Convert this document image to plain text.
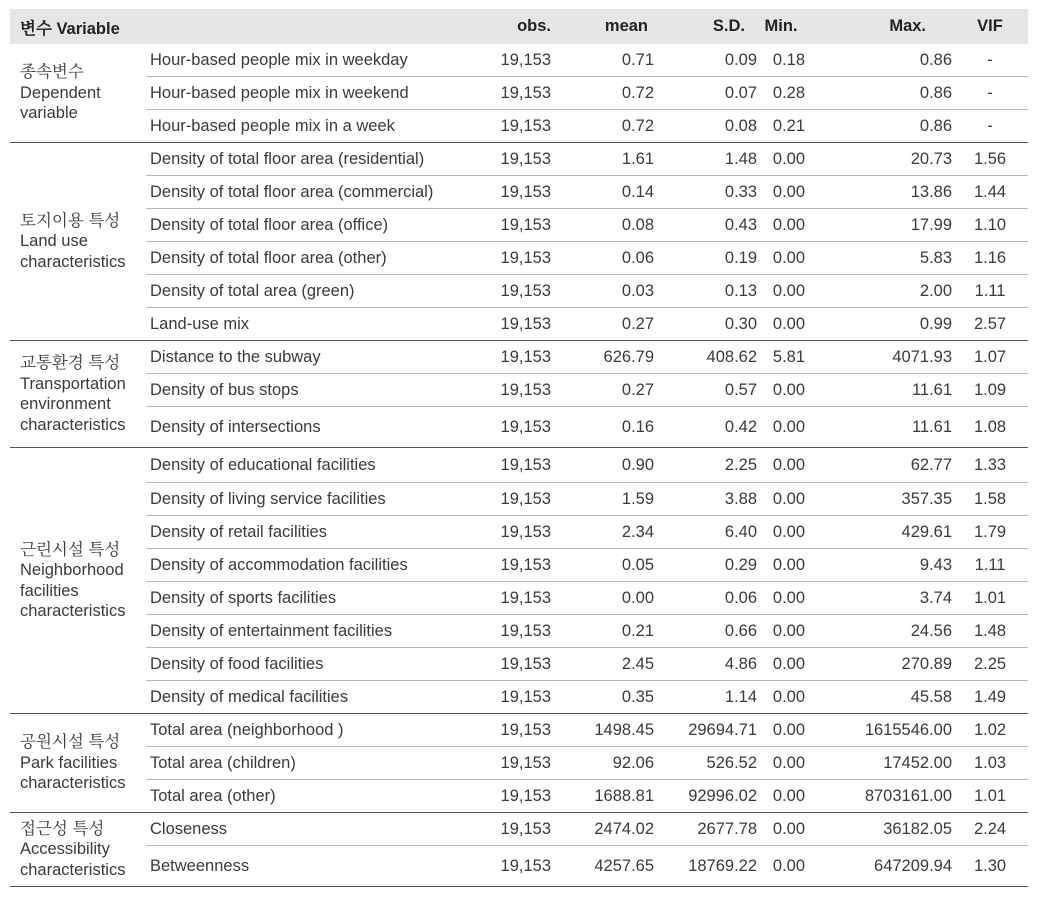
변수 Variable		obs.	mean	S.D.	Min.	Max.	VIF

종속변수
Dependent
variable	Hour-based people mix in weekday	19,153	0.71	0.09	0.18	0.86	-
	Hour-based people mix in weekend	19,153	0.72	0.07	0.28	0.86	-
	Hour-based people mix in a week	19,153	0.72	0.08	0.21	0.86	-

토지이용 특성
Land use
characteristics	Density of total floor area (residential)	19,153	1.61	1.48	0.00	20.73	1.56
	Density of total floor area (commercial)	19,153	0.14	0.33	0.00	13.86	1.44
	Density of total floor area (office)	19,153	0.08	0.43	0.00	17.99	1.10
	Density of total floor area (other)	19,153	0.06	0.19	0.00	5.83	1.16
	Density of total area (green)	19,153	0.03	0.13	0.00	2.00	1.11
	Land-use mix	19,153	0.27	0.30	0.00	0.99	2.57

교통환경 특성
Transportation
environment
characteristics	Distance to the subway	19,153	626.79	408.62	5.81	4071.93	1.07
	Density of bus stops	19,153	0.27	0.57	0.00	11.61	1.09
	Density of intersections	19,153	0.16	0.42	0.00	11.61	1.08

근린시설 특성
Neighborhood
facilities
characteristics	Density of educational facilities	19,153	0.90	2.25	0.00	62.77	1.33
	Density of living service facilities	19,153	1.59	3.88	0.00	357.35	1.58
	Density of retail facilities	19,153	2.34	6.40	0.00	429.61	1.79
	Density of accommodation facilities	19,153	0.05	0.29	0.00	9.43	1.11
	Density of sports facilities	19,153	0.00	0.06	0.00	3.74	1.01
	Density of entertainment facilities	19,153	0.21	0.66	0.00	24.56	1.48
	Density of food facilities	19,153	2.45	4.86	0.00	270.89	2.25
	Density of medical facilities	19,153	0.35	1.14	0.00	45.58	1.49

공원시설 특성
Park facilities
characteristics	Total area (neighborhood )	19,153	1498.45	29694.71	0.00	1615546.00	1.02
	Total area (children)	19,153	92.06	526.52	0.00	17452.00	1.03
	Total area (other)	19,153	1688.81	92996.02	0.00	8703161.00	1.01

접근성 특성
Accessibility
characteristics	Closeness	19,153	2474.02	2677.78	0.00	36182.05	2.24
	Betweenness	19,153	4257.65	18769.22	0.00	647209.94	1.30
